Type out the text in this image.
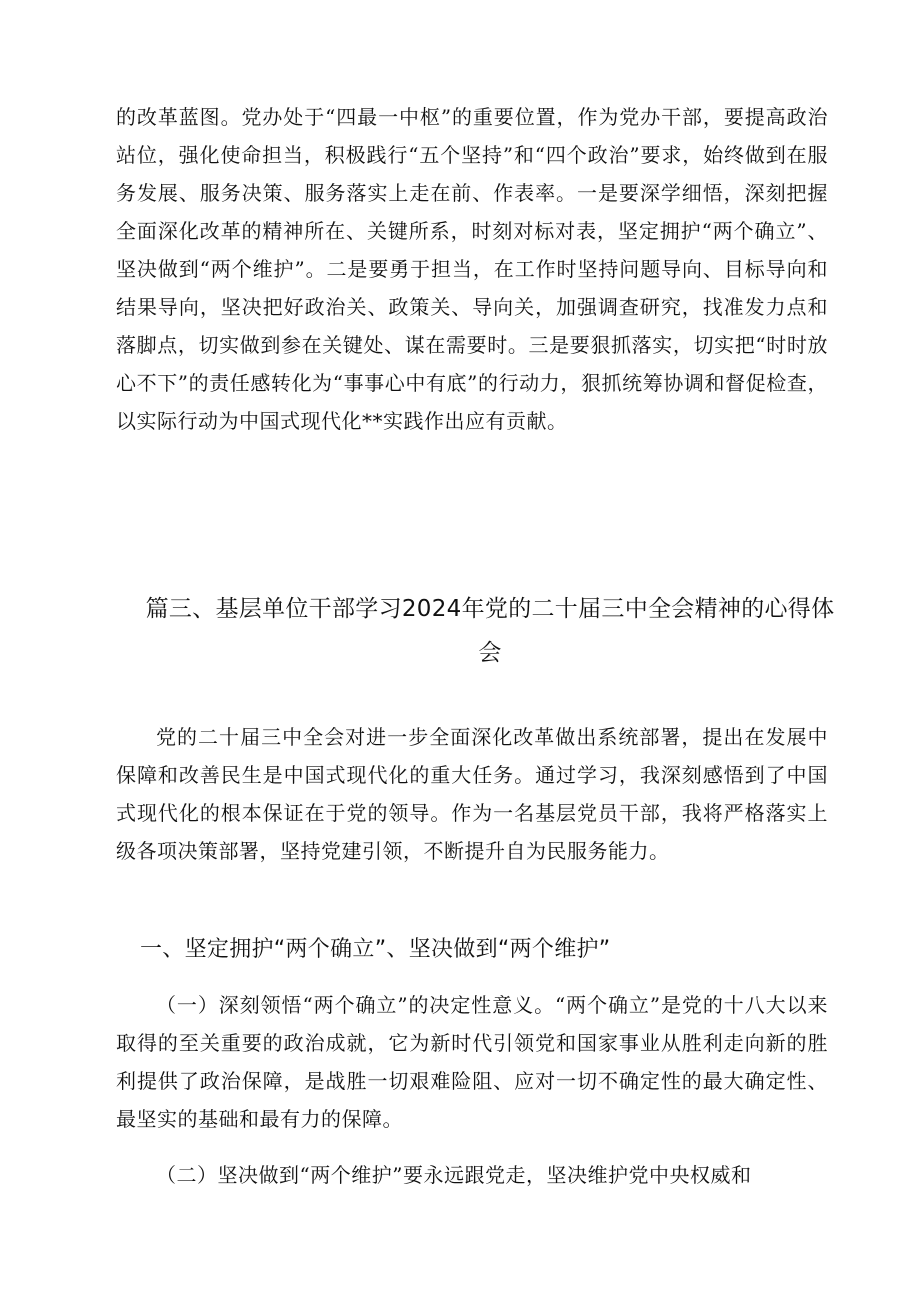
的改革蓝图。党办处于“四最一中枢”的重要位置，作为党办干部，要提高政治站位，强化使命担当，积极践行“五个坚持”和“四个政治”要求，始终做到在服务发展、服务决策、服务落实上走在前、作表率。一是要深学细悟，深刻把握全面深化改革的精神所在、关键所系，时刻对标对表，坚定拥护“两个确立”、坚决做到“两个维护”。二是要勇于担当，在工作时坚持问题导向、目标导向和结果导向，坚决把好政治关、政策关、导向关，加强调查研究，找准发力点和落脚点，切实做到参在关键处、谋在需要时。三是要狠抓落实，切实把“时时放心不下”的责任感转化为“事事心中有底”的行动力，狠抓统筹协调和督促检查，以实际行动为中国式现代化**实践作出应有贡献。

篇三、基层单位干部学习2024年党的二十届三中全会精神的心得体会

党的二十届三中全会对进一步全面深化改革做出系统部署，提出在发展中保障和改善民生是中国式现代化的重大任务。通过学习，我深刻感悟到了中国式现代化的根本保证在于党的领导。作为一名基层党员干部，我将严格落实上级各项决策部署，坚持党建引领，不断提升自为民服务能力。

一、坚定拥护“两个确立”、坚决做到“两个维护”

（一）深刻领悟“两个确立”的决定性意义。“两个确立”是党的十八大以来取得的至关重要的政治成就，它为新时代引领党和国家事业从胜利走向新的胜利提供了政治保障，是战胜一切艰难险阻、应对一切不确定性的最大确定性、最坚实的基础和最有力的保障。

（二）坚决做到“两个维护”要永远跟党走，坚决维护党中央权威和
